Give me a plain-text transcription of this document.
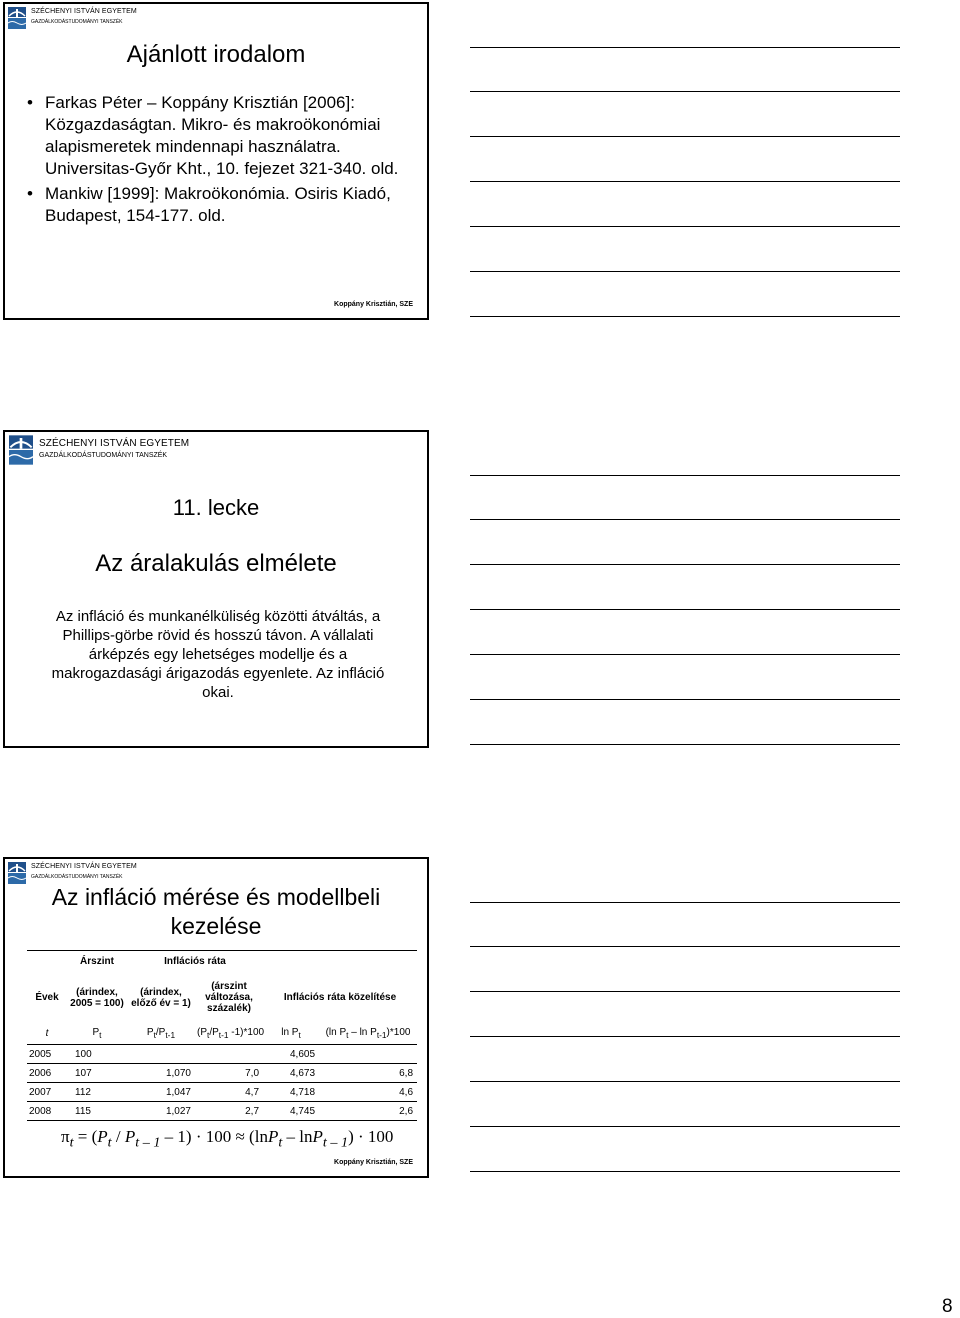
SZÉCHENYI ISTVÁN EGYETEM
GAZDÁLKODÁSTUDOMÁNYI TANSZÉK
Ajánlott irodalom
• Farkas Péter – Koppány Krisztián [2006]: Közgazdaságtan. Mikro- és makroökonómiai alapismeretek mindennapi használatra. Universitas-Győr Kht., 10. fejezet 321-340. old.
• Mankiw [1999]: Makroökonómia. Osiris Kiadó, Budapest, 154-177. old.
Koppány Krisztián, SZE
SZÉCHENYI ISTVÁN EGYETEM
GAZDÁLKODÁSTUDOMÁNYI TANSZÉK
11. lecke
Az áralakulás elmélete
Az infláció és munkanélküliség közötti átváltás, a Phillips-görbe rövid és hosszú távon. A vállalati árképzés egy lehetséges modellje és a makrogazdasági árigazodás egyenlete. Az infláció okai.
SZÉCHENYI ISTVÁN EGYETEM
GAZDÁLKODÁSTUDOMÁNYI TANSZÉK
Az infláció mérése és modellbeli kezelése
	Árszint	Inflációs ráta			
Évek	(árindex, 2005 = 100)	(árindex, előző év = 1)	(árszint változása, százalék)	Inflációs ráta közelítése	
t	$P_t$	$P_t/P_{t-1}$	($P_t/P_{t-1}$ -1)*100	$\ln P_t$	(ln $P_t$ – $\ln P_{t-1})*100$
2005	100			4,605	
2006	107	1,070	7,0	4,673	6,8
2007	112	1,047	4,7	4,718	4,6
2008	115	1,027	2,7	4,745	2,6
$\pi_t = (P_t / P_{t - 1} - 1) \cdot 100 \approx (\ln P_t - \ln P_{t - 1}) \cdot 100$
Koppány Krisztián, SZE
8
